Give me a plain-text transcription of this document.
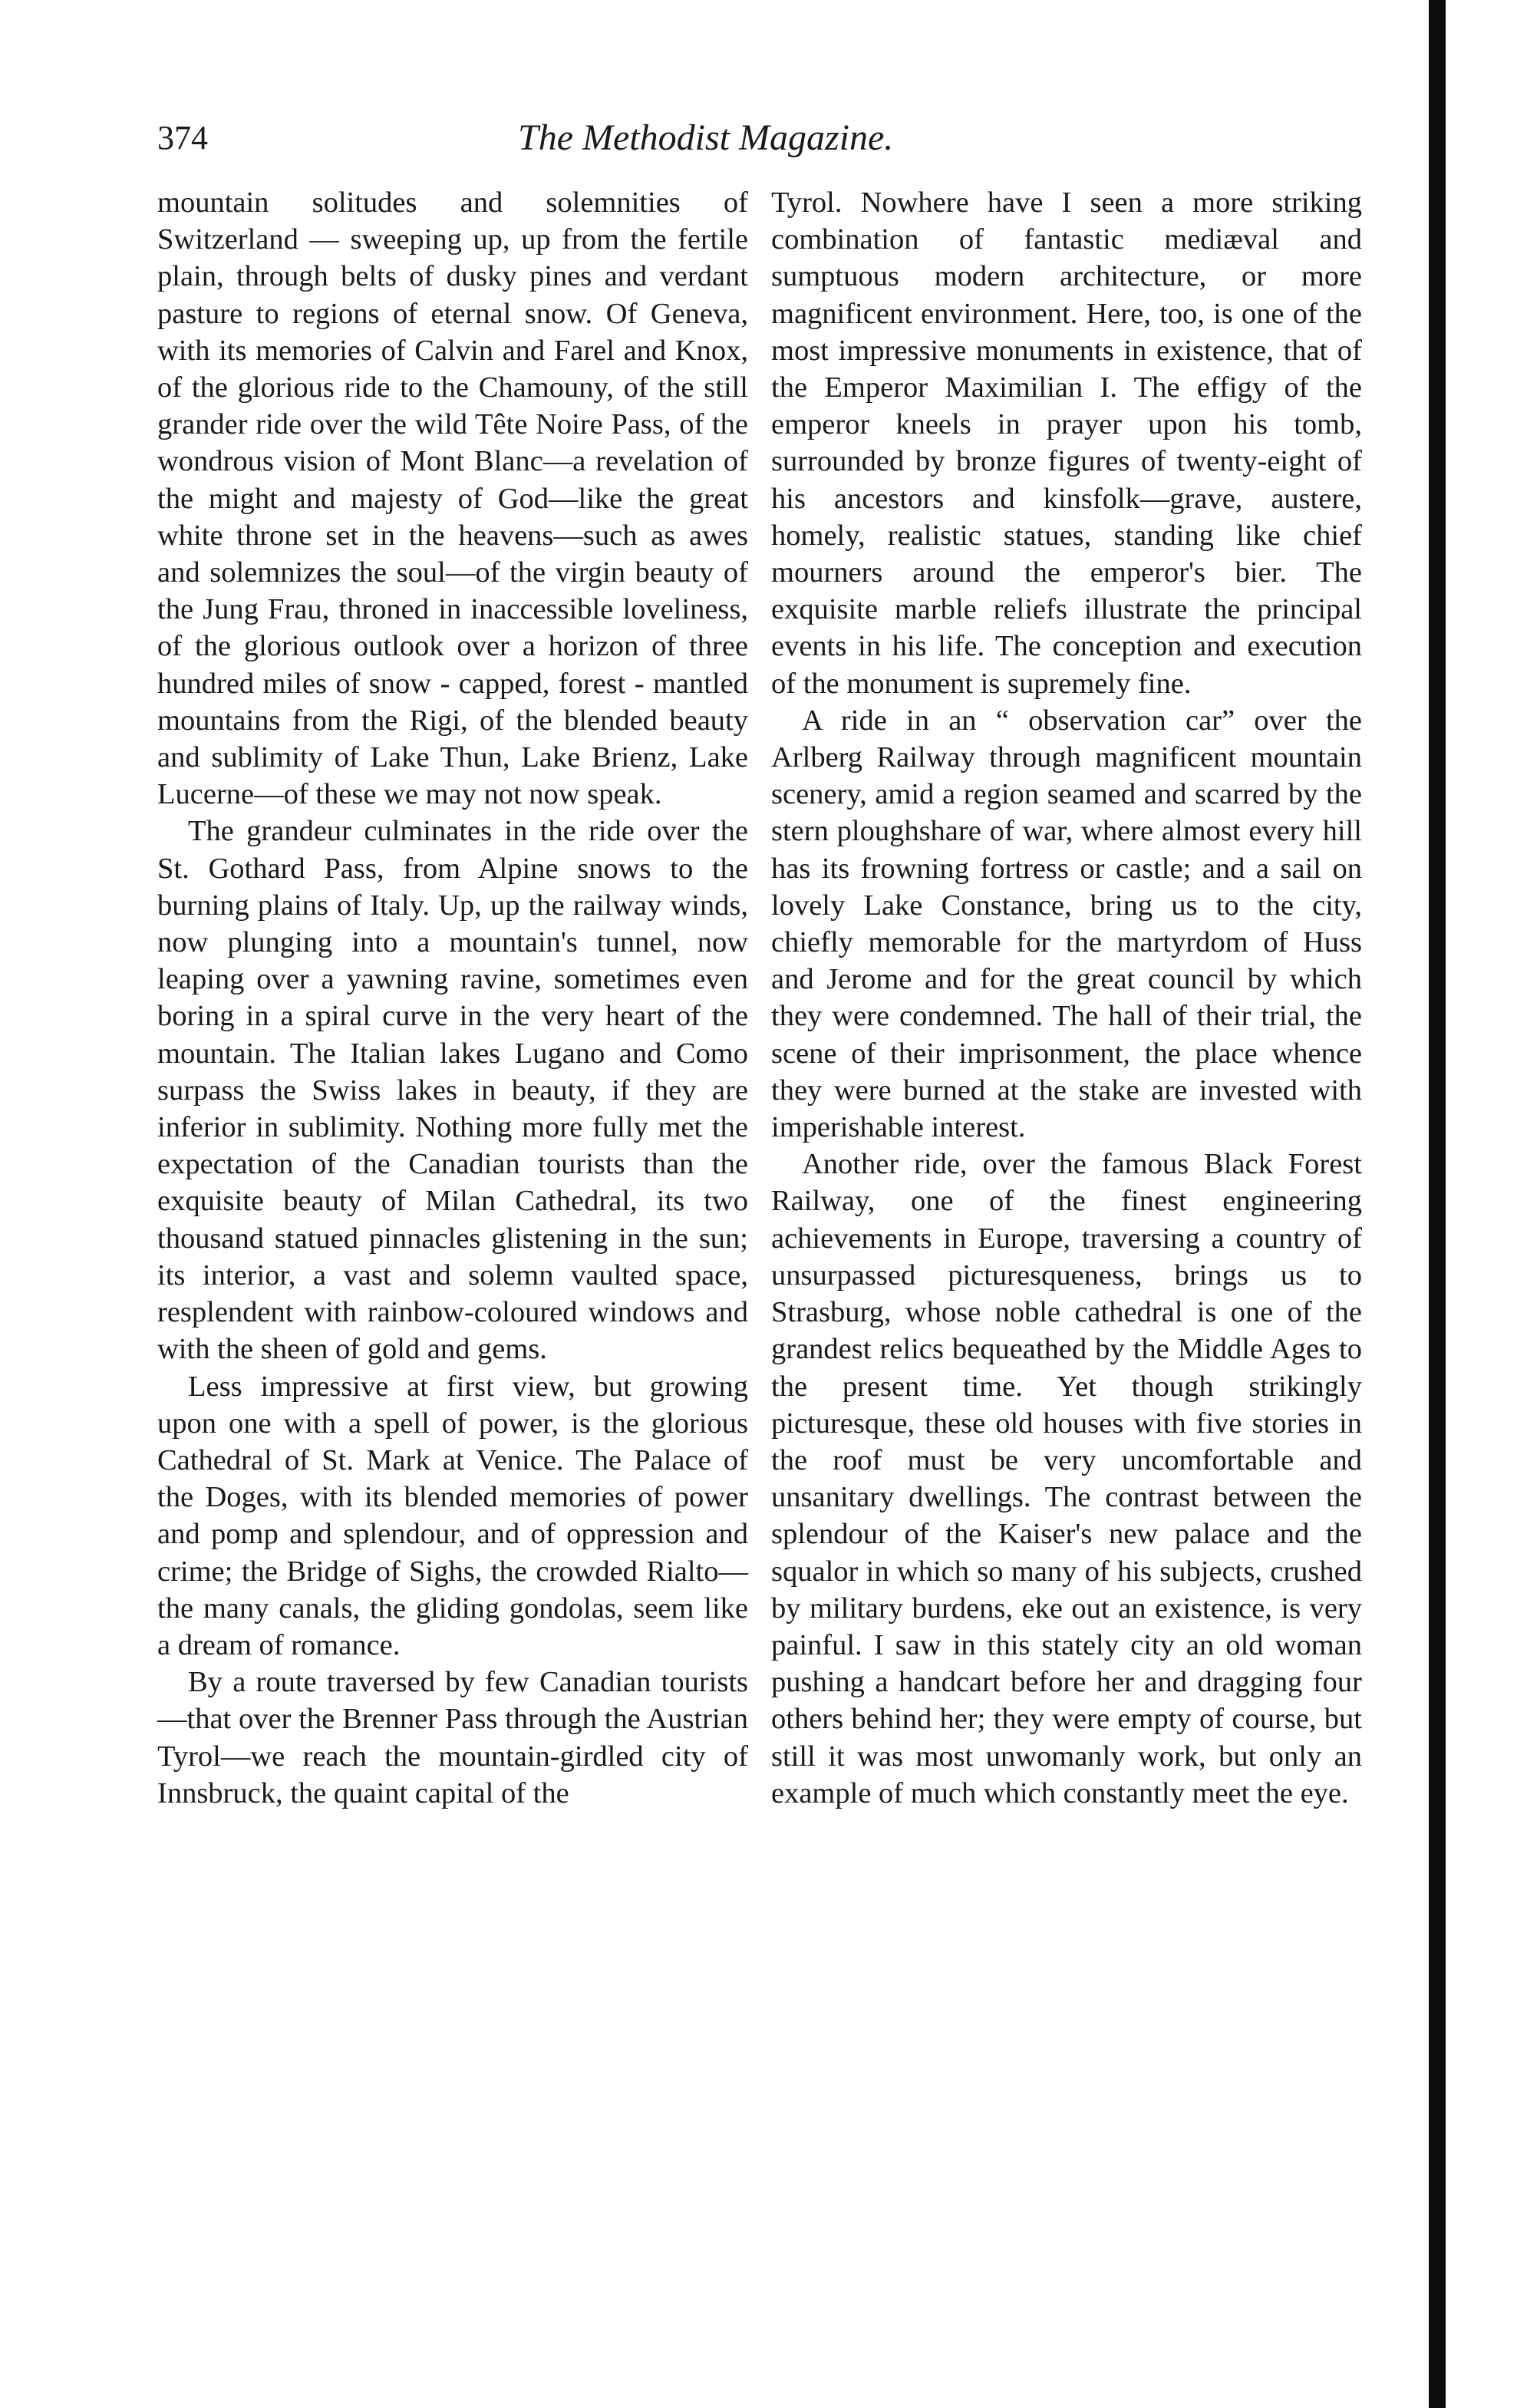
374	The Methodist Magazine.

mountain solitudes and solemnities of Switzerland — sweeping up, up from the fertile plain, through belts of dusky pines and verdant pasture to regions of eternal snow. Of Geneva, with its memories of Calvin and Farel and Knox, of the glorious ride to the Chamouny, of the still grander ride over the wild Tête Noire Pass, of the wondrous vision of Mont Blanc—a revelation of the might and majesty of God—like the great white throne set in the heavens—such as awes and solemnizes the soul—of the virgin beauty of the Jung Frau, throned in inaccessible loveliness, of the glorious outlook over a horizon of three hundred miles of snow - capped, forest - mantled mountains from the Rigi, of the blended beauty and sublimity of Lake Thun, Lake Brienz, Lake Lucerne—of these we may not now speak.

The grandeur culminates in the ride over the St. Gothard Pass, from Alpine snows to the burning plains of Italy. Up, up the railway winds, now plunging into a mountain's tunnel, now leaping over a yawning ravine, sometimes even boring in a spiral curve in the very heart of the mountain. The Italian lakes Lugano and Como surpass the Swiss lakes in beauty, if they are inferior in sublimity. Nothing more fully met the expectation of the Canadian tourists than the exquisite beauty of Milan Cathedral, its two thousand statued pinnacles glistening in the sun; its interior, a vast and solemn vaulted space, resplendent with rainbow-coloured windows and with the sheen of gold and gems.

Less impressive at first view, but growing upon one with a spell of power, is the glorious Cathedral of St. Mark at Venice. The Palace of the Doges, with its blended memories of power and pomp and splendour, and of oppression and crime; the Bridge of Sighs, the crowded Rialto—the many canals, the gliding gondolas, seem like a dream of romance.

By a route traversed by few Canadian tourists—that over the Brenner Pass through the Austrian Tyrol—we reach the mountain-girdled city of Innsbruck, the quaint capital of the

Tyrol. Nowhere have I seen a more striking combination of fantastic mediæval and sumptuous modern architecture, or more magnificent environment. Here, too, is one of the most impressive monuments in existence, that of the Emperor Maximilian I. The effigy of the emperor kneels in prayer upon his tomb, surrounded by bronze figures of twenty-eight of his ancestors and kinsfolk—grave, austere, homely, realistic statues, standing like chief mourners around the emperor's bier. The exquisite marble reliefs illustrate the principal events in his life. The conception and execution of the monument is supremely fine.

A ride in an “ observation car” over the Arlberg Railway through magnificent mountain scenery, amid a region seamed and scarred by the stern ploughshare of war, where almost every hill has its frowning fortress or castle; and a sail on lovely Lake Constance, bring us to the city, chiefly memorable for the martyrdom of Huss and Jerome and for the great council by which they were condemned. The hall of their trial, the scene of their imprisonment, the place whence they were burned at the stake are invested with imperishable interest.

Another ride, over the famous Black Forest Railway, one of the finest engineering achievements in Europe, traversing a country of unsurpassed picturesqueness, brings us to Strasburg, whose noble cathedral is one of the grandest relics bequeathed by the Middle Ages to the present time. Yet though strikingly picturesque, these old houses with five stories in the roof must be very uncomfortable and unsanitary dwellings. The contrast between the splendour of the Kaiser's new palace and the squalor in which so many of his subjects, crushed by military burdens, eke out an existence, is very painful. I saw in this stately city an old woman pushing a handcart before her and dragging four others behind her; they were empty of course, but still it was most unwomanly work, but only an example of much which constantly meet the eye.
